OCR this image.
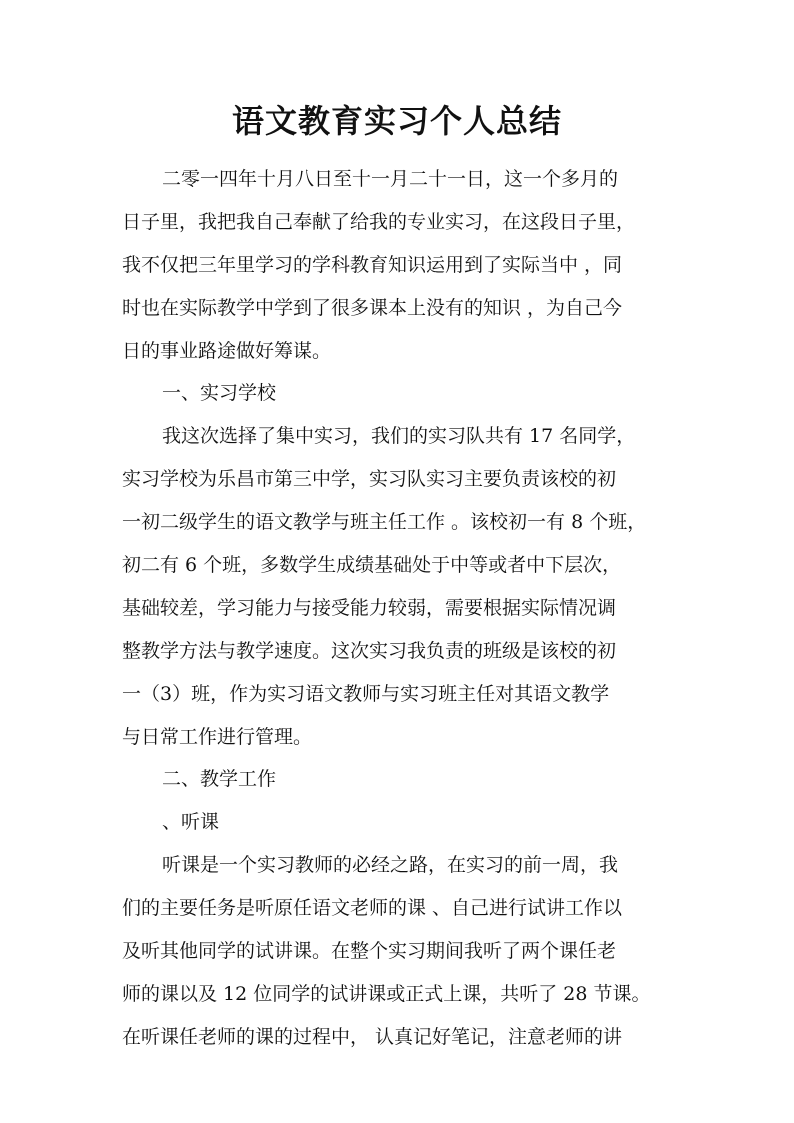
语文教育实习个人总结
二零一四年十月八日至十一月二十一日，这一个多月的
日子里，我把我自己奉献了给我的专业实习，在这段日子里，
我不仅把三年里学习的学科教育知识运用到了实际当中 ，同
时也在实际教学中学到了很多课本上没有的知识 ，为自己今
日的事业路途做好筹谋。
一、实习学校
我这次选择了集中实习，我们的实习队共有 17 名同学，
实习学校为乐昌市第三中学，实习队实习主要负责该校的初
一初二级学生的语文教学与班主任工作 。该校初一有 8 个班，
初二有 6 个班，多数学生成绩基础处于中等或者中下层次，
基础较差，学习能力与接受能力较弱，需要根据实际情况调
整教学方法与教学速度。这次实习我负责的班级是该校的初
一（3）班，作为实习语文教师与实习班主任对其语文教学
与日常工作进行管理。
二、教学工作
、听课
听课是一个实习教师的必经之路，在实习的前一周，我
们的主要任务是听原任语文老师的课 、自己进行试讲工作以
及听其他同学的试讲课。在整个实习期间我听了两个课任老
师的课以及 12 位同学的试讲课或正式上课，共听了 28 节课。
在听课任老师的课的过程中， 认真记好笔记，注意老师的讲
